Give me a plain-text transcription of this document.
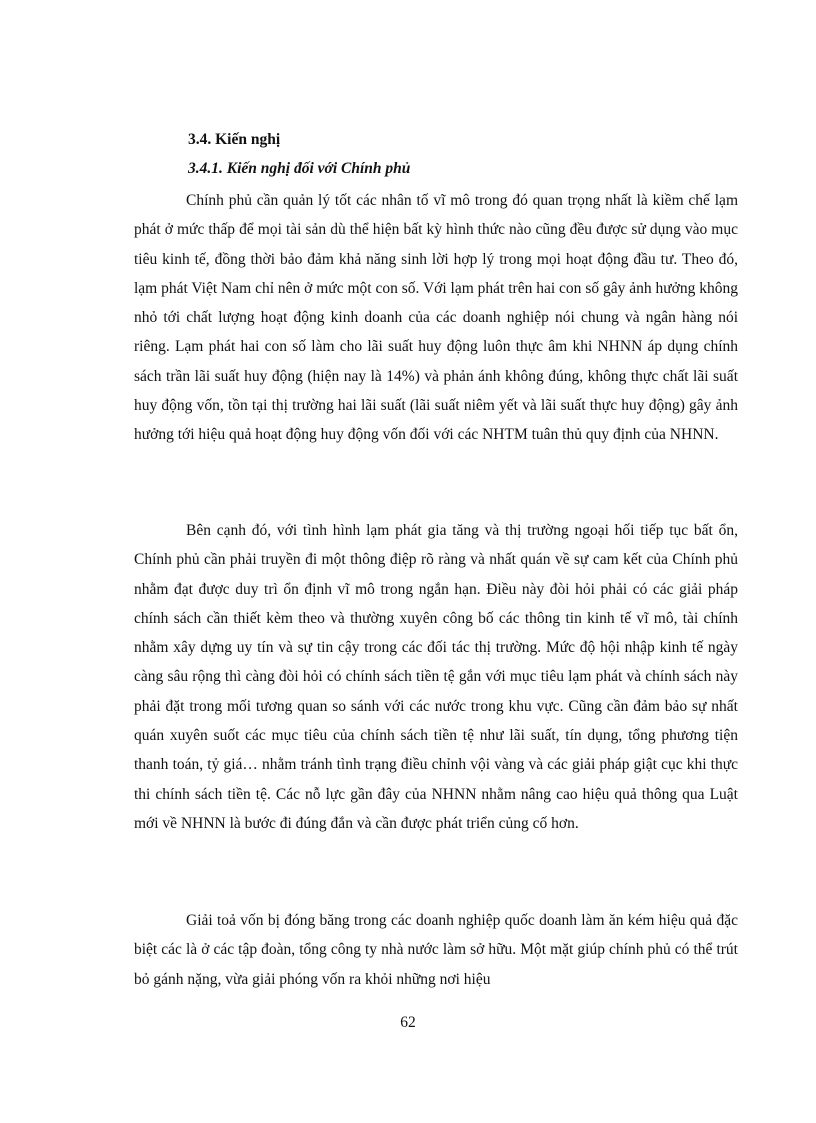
3.4. Kiến nghị

3.4.1. Kiến nghị đối với Chính phủ

Chính phủ cần quản lý tốt các nhân tố vĩ mô trong đó quan trọng nhất là kiềm chế lạm phát ở mức thấp để mọi tài sản dù thể hiện bất kỳ hình thức nào cũng đều được sử dụng vào mục tiêu kinh tế, đồng thời bảo đảm khả năng sinh lời hợp lý trong mọi hoạt động đầu tư. Theo đó, lạm phát Việt Nam chỉ nên ở mức một con số. Với lạm phát trên hai con số gây ảnh hưởng không nhỏ tới chất lượng hoạt động kinh doanh của các doanh nghiệp nói chung và ngân hàng nói riêng. Lạm phát hai con số làm cho lãi suất huy động luôn thực âm khi NHNN áp dụng chính sách trần lãi suất huy động (hiện nay là 14%) và phản ánh không đúng, không thực chất lãi suất huy động vốn, tồn tại thị trường hai lãi suất (lãi suất niêm yết và lãi suất thực huy động) gây ảnh hưởng tới hiệu quả hoạt động huy động vốn đối với các NHTM tuân thủ quy định của NHNN.

Bên cạnh đó, với tình hình lạm phát gia tăng và thị trường ngoại hối tiếp tục bất ổn, Chính phủ cần phải truyền đi một thông điệp rõ ràng và nhất quán về sự cam kết của Chính phủ nhằm đạt được duy trì ổn định vĩ mô trong ngắn hạn. Điều này đòi hỏi phải có các giải pháp chính sách cần thiết kèm theo và thường xuyên công bố các thông tin kinh tế vĩ mô, tài chính nhằm xây dựng uy tín và sự tin cậy trong các đối tác thị trường. Mức độ hội nhập kinh tế ngày càng sâu rộng thì càng đòi hỏi có chính sách tiền tệ gắn với mục tiêu lạm phát và chính sách này phải đặt trong mối tương quan so sánh với các nước trong khu vực. Cũng cần đảm bảo sự nhất quán xuyên suốt các mục tiêu của chính sách tiền tệ như lãi suất, tín dụng, tổng phương tiện thanh toán, tỷ giá… nhằm tránh tình trạng điều chỉnh vội vàng và các giải pháp giật cục khi thực thi chính sách tiền tệ. Các nỗ lực gần đây của NHNN nhằm nâng cao hiệu quả thông qua Luật mới về NHNN là bước đi đúng đắn và cần được phát triển củng cố hơn.

Giải toả vốn bị đóng băng trong các doanh nghiệp quốc doanh làm ăn kém hiệu quả đặc biệt các là ở các tập đoàn, tổng công ty nhà nước làm sở hữu. Một mặt giúp chính phủ có thể trút bỏ gánh nặng, vừa giải phóng vốn ra khỏi những nơi hiệu

62
